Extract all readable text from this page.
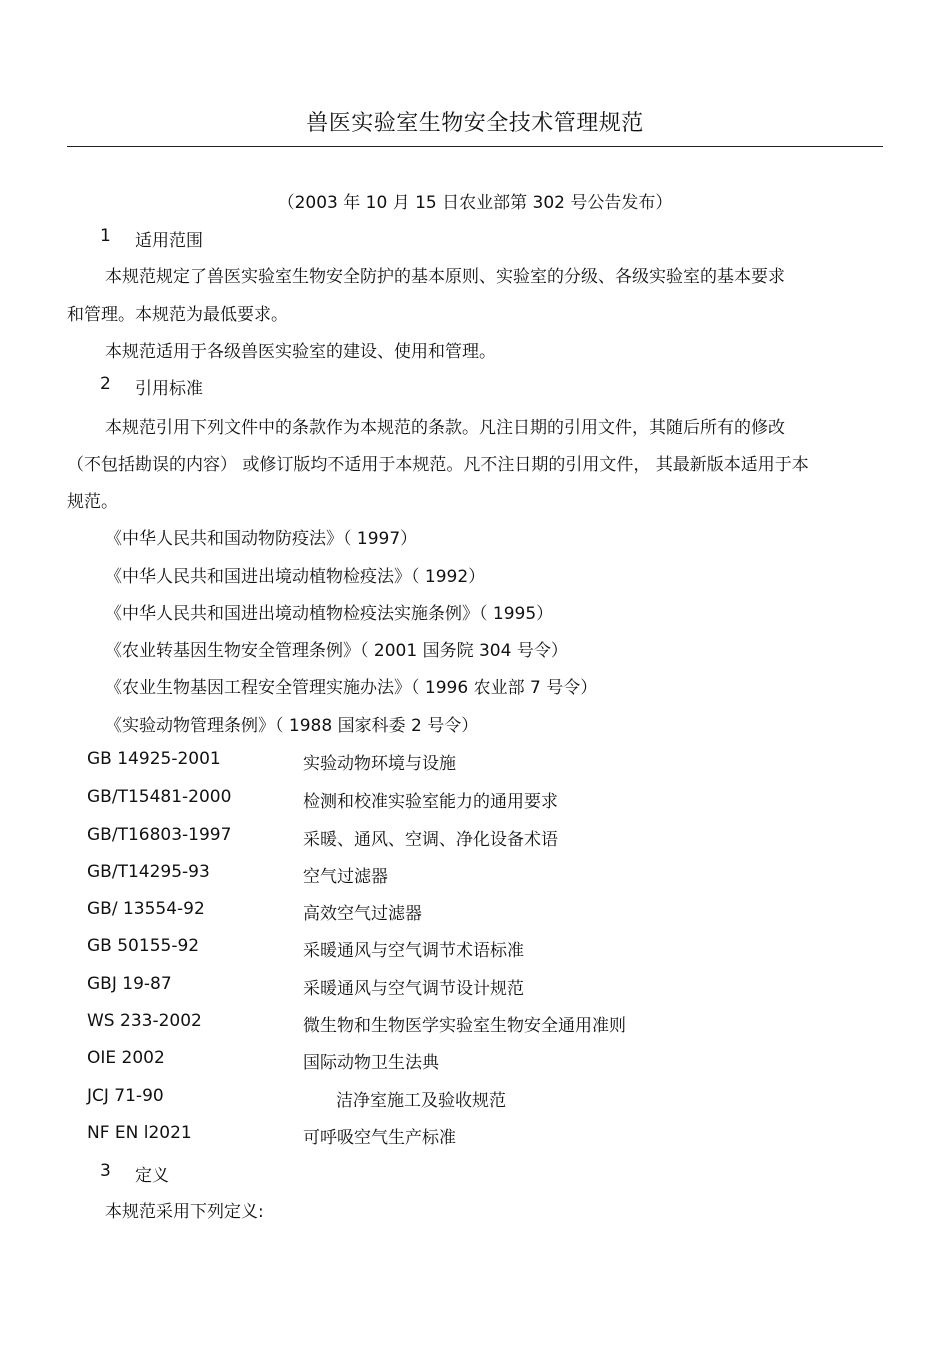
兽医实验室生物安全技术管理规范
（2003 年 10 月 15 日农业部第 302 号公告发布）
1 适用范围
本规范规定了兽医实验室生物安全防护的基本原则、实验室的分级、各级实验室的基本要求
和管理。本规范为最低要求。
本规范适用于各级兽医实验室的建设、使用和管理。
2 引用标准
本规范引用下列文件中的条款作为本规范的条款。凡注日期的引用文件，其随后所有的修改
（不包括勘误的内容） 或修订版均不适用于本规范。凡不注日期的引用文件， 其最新版本适用于本
规范。
《中华人民共和国动物防疫法》（ 1997）
《中华人民共和国进出境动植物检疫法》（ 1992）
《中华人民共和国进出境动植物检疫法实施条例》（ 1995）
《农业转基因生物安全管理条例》（ 2001 国务院 304 号令）
《农业生物基因工程安全管理实施办法》（ 1996 农业部 7 号令）
《实验动物管理条例》（ 1988 国家科委 2 号令）
GB 14925-2001	实验动物环境与设施
GB/T15481-2000	检测和校准实验室能力的通用要求
GB/T16803-1997	采暖、通风、空调、净化设备术语
GB/T14295-93	空气过滤器
GB/ 13554-92	高效空气过滤器
GB 50155-92	采暖通风与空气调节术语标准
GBJ 19-87	采暖通风与空气调节设计规范
WS 233-2002	微生物和生物医学实验室生物安全通用准则
OIE 2002	国际动物卫生法典
JCJ 71-90	洁净室施工及验收规范
NF EN l2021	可呼吸空气生产标准
3 定义
本规范采用下列定义:
